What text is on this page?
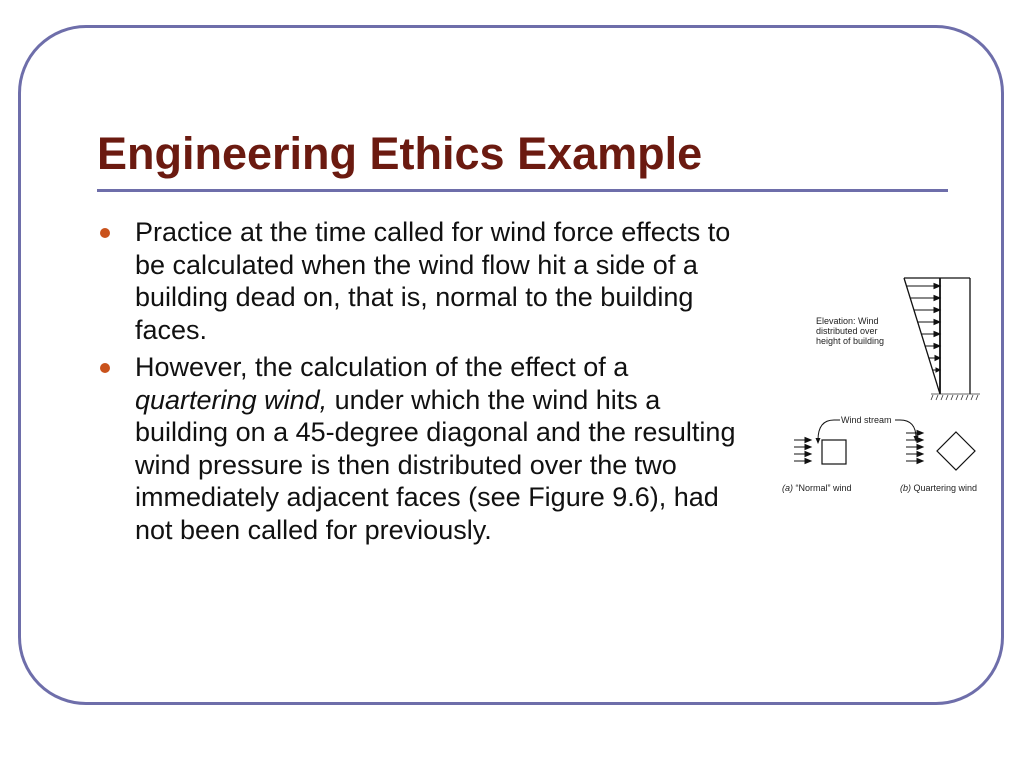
Engineering Ethics Example
Practice at the time called for wind force effects to be calculated when the wind flow hit a side of a building dead on, that is, normal to the building faces.
However, the calculation of the effect of a quartering wind, under which the wind hits a building on a 45-degree diagonal and the resulting wind pressure is then distributed over the two immediately adjacent faces (see Figure 9.6), had not been called for previously.
Elevation: Wind
distributed over
height of building
Wind stream
(a) “Normal” wind	(b) Quartering wind
